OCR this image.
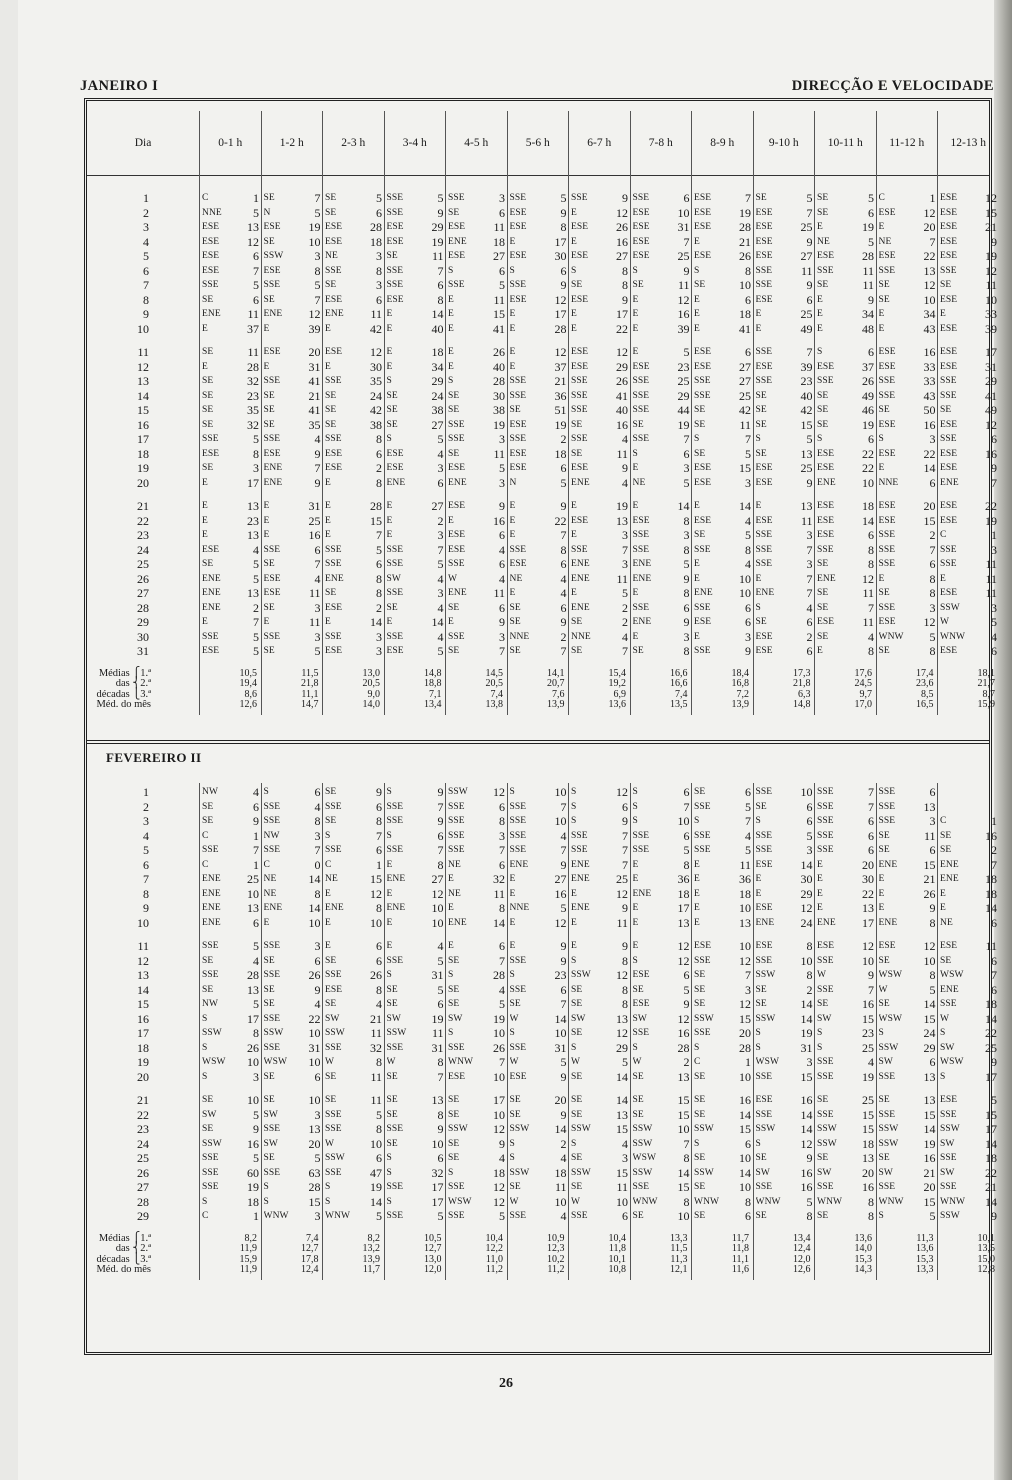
JANEIRO I	DIRECÇÃO E VELOCIDADE
Dia	0-1 h	1-2 h	2-3 h	3-4 h	4-5 h	5-6 h	6-7 h	7-8 h	8-9 h	9-10 h	10-11 h	11-12 h	12-13 h
1	C	1 SE	7 SE	5 SSE	5 SSE	3 SSE	5 SSE	9 SSE	6 ESE	7 SE	5 SE	5 C	1 ESE	12
2	NNE	5 N	5 SE	6 SSE	9 SE	6 ESE	9 E	12 ESE	10 ESE	19 ESE	7 SE	6 ESE	12 ESE	15
3	ESE	13 ESE	19 ESE	28 ESE	29 ESE	11 ESE	8 ESE	26 ESE	31 ESE	28 ESE	25 E	19 E	20 ESE	21
4	ESE	12 SE	10 ESE	18 ESE	19 ENE	18 E	17 E	16 ESE	7 E	21 ESE	9 NE	5 NE	7 ESE	9
5	ESE	6 SSW	3 NE	3 SE	11 ESE	27 ESE	30 ESE	27 ESE	25 ESE	26 ESE	27 ESE	28 ESE	22 ESE	19
6	ESE	7 ESE	8 SSE	8 SSE	7 S	6 S	6 S	8 S	9 S	8 SSE	11 SSE	11 SSE	13 SSE	12
7	SSE	5 SSE	5 SE	3 SSE	6 SSE	5 SSE	9 SE	8 SE	11 SE	10 SSE	9 SE	11 SE	12 SE	11
8	SE	6 SE	7 ESE	6 ESE	8 E	11 ESE	12 ESE	9 E	12 E	6 ESE	6 E	9 SE	10 ESE	10
9	ENE	11 ENE	12 ENE	11 E	14 E	15 E	17 E	17 E	16 E	18 E	25 E	34 E	34 E	33
10	E	37 E	39 E	42 E	40 E	41 E	28 E	22 E	39 E	41 E	49 E	48 E	43 ESE	39
11	SE	11 ESE	20 ESE	12 E	18 E	26 E	12 ESE	12 E	5 ESE	6 SSE	7 S	6 ESE	16 ESE	17
12	E	28 E	31 E	30 E	34 E	40 E	37 ESE	29 ESE	23 ESE	27 ESE	39 ESE	37 ESE	33 ESE	31
13	SE	32 SSE	41 SSE	35 S	29 S	28 SSE	21 SSE	26 SSE	25 SSE	27 SSE	23 SSE	26 SSE	33 SSE	29
14	SE	23 SE	21 SE	24 SE	24 SE	30 SSE	36 SSE	41 SSE	29 SSE	25 SE	40 SE	49 SSE	43 SSE	41
15	SE	35 SE	41 SE	42 SE	38 SE	38 SE	51 SSE	40 SSE	44 SE	42 SE	42 SE	46 SE	50 SE	49
16	SE	32 SE	35 SE	38 SE	27 SSE	19 ESE	19 SE	16 SE	19 SE	11 SE	15 SE	19 ESE	16 ESE	12
17	SSE	5 SSE	4 SSE	8 S	5 SSE	3 SSE	2 SSE	4 SSE	7 S	7 S	5 S	6 S	3 SSE	6
18	ESE	8 ESE	9 ESE	6 ESE	4 SE	11 ESE	18 SE	11 S	6 SE	5 SE	13 ESE	22 ESE	22 ESE	16
19	SE	3 ENE	7 ESE	2 ESE	3 ESE	5 ESE	6 ESE	9 E	3 ESE	15 ESE	25 ESE	22 E	14 ESE	9
20	E	17 ENE	9 E	8 ENE	6 ENE	3 N	5 ENE	4 NE	5 ESE	3 ESE	9 ENE	10 NNE	6 ENE	7
21	E	13 E	31 E	28 E	27 ESE	9 E	9 E	19 E	14 E	14 E	13 ESE	18 ESE	20 ESE	22
22	E	23 E	25 E	15 E	2 E	16 E	22 ESE	13 ESE	8 ESE	4 ESE	11 ESE	14 ESE	15 ESE	19
23	E	13 E	16 E	7 E	3 ESE	6 E	7 E	3 SSE	3 SE	5 SSE	3 ESE	6 SSE	2 C	1
24	ESE	4 SSE	6 SSE	5 SSE	7 ESE	4 SSE	8 SSE	7 SSE	8 SSE	8 SSE	7 SSE	8 SSE	7 SSE	3
25	SE	5 SE	7 SSE	6 SSE	5 SSE	6 ESE	6 ENE	3 ENE	5 E	4 SSE	3 SE	8 SSE	6 SSE	11
26	ENE	5 ESE	4 ENE	8 SW	4 W	4 NE	4 ENE	11 ENE	9 E	10 E	7 ENE	12 E	8 E	11
27	ENE	13 ESE	11 SE	8 SSE	3 ENE	11 E	4 E	5 E	8 ENE	10 ENE	7 SE	11 SE	8 ESE	11
28	ENE	2 SE	3 ESE	2 SE	4 SE	6 SE	6 ENE	2 SSE	6 SSE	6 S	4 SE	7 SSE	3 SSW	3
29	E	7 E	11 E	14 E	14 E	9 SE	9 SE	2 ENE	9 ESE	6 SE	6 ESE	11 ESE	12 W	5
30	SSE	5 SSE	3 SSE	3 SSE	4 SSE	3 NNE	2 NNE	4 E	3 E	3 ESE	2 SE	4 WNW	5 WNW	4
31	ESE	5 SE	5 ESE	3 ESE	5 SE	7 SE	7 SE	7 SE	8 SSE	9 ESE	6 E	8 SE	8 ESE	6
Médias ⎧1.ª	10,5	11,5	13,0	14,8	14,5	14,1	15,4	16,6	18,4	17,3	17,6	17,4	18,1
das ⎨2.ª	19,4	21,8	20,5	18,8	20,5	20,7	19,2	16,6	16,8	21,8	24,5	23,6	21,7
décadas ⎩3.ª	8,6	11,1	9,0	7,1	7,4	7,6	6,9	7,4	7,2	6,3	9,7	8,5	8,7
Méd. do mês	12,6	14,7	14,0	13,4	13,8	13,9	13,6	13,5	13,9	14,8	17,0	16,5	15,9
FEVEREIRO II
1	NW	4 S	6 SE	9 S	9 SSW	12 S	10 S	12 S	6 SE	6 SSE	10 SSE	7 SSE	6
2	SE	6 SSE	4 SSE	6 SSE	7 SSE	6 SSE	7 S	6 S	7 SSE	5 SE	6 SSE	7 SSE	13
3	SE	9 SSE	8 SE	8 SSE	9 SSE	8 SSE	10 S	9 S	10 S	7 S	6 SSE	6 SSE	3 C	1
4	C	1 NW	3 S	7 S	6 SSE	3 SSE	4 SSE	7 SSE	6 SSE	4 SSE	5 SSE	6 SE	11 SE	16
5	SSE	7 SSE	7 SSE	6 SSE	7 SSE	7 SSE	7 SSE	7 SSE	5 SSE	5 SSE	3 SSE	6 SE	6 SE	2
6	C	1 C	0 C	1 E	8 NE	6 ENE	9 ENE	7 E	8 E	11 ESE	14 E	20 ENE	15 ENE	7
7	ENE	25 NE	14 NE	15 ENE	27 E	32 E	27 ENE	25 E	36 E	36 E	30 E	30 E	21 ENE	18
8	ENE	10 NE	8 E	12 E	12 NE	11 E	16 E	12 ENE	18 E	18 E	29 E	22 E	26 E	18
9	ENE	13 ENE	14 ENE	8 ENE	10 E	8 NNE	5 ENE	9 E	17 E	10 ESE	12 E	13 E	9 E	14
10	ENE	6 E	10 E	10 E	10 ENE	14 E	12 E	11 E	13 E	13 ENE	24 ENE	17 ENE	8 NE	6
11	SSE	5 SSE	3 E	6 E	4 E	6 E	9 E	9 E	12 ESE	10 ESE	8 ESE	12 ESE	12 ESE	11
12	SE	4 SE	6 SE	6 SSE	5 SE	7 SSE	9 S	8 S	12 SSE	12 SSE	10 SSE	10 SE	10 SE	6
13	SSE	28 SSE	26 SSE	26 S	31 S	28 S	23 SSW	12 ESE	6 SE	7 SSW	8 W	9 WSW	8 WSW	7
14	SE	13 SE	9 ESE	8 SE	5 SE	4 SSE	6 SE	8 SE	5 SE	3 SE	2 SSE	7 W	5 ENE	6
15	NW	5 SE	4 SE	4 SE	6 SE	5 SE	7 SE	8 ESE	9 SE	12 SE	14 SE	16 SE	14 SSE	18
16	S	17 SSE	22 SW	21 SW	19 SW	19 W	14 SW	13 SW	12 SSW	15 SSW	14 SW	15 WSW	15 W	14
17	SSW	8 SSW	10 SSW	11 SSW	11 S	10 S	10 SE	12 SSE	16 SSE	20 S	19 S	23 S	24 S	22
18	S	26 SSE	31 SSE	32 SSE	31 SSE	26 SSE	31 S	29 S	28 S	28 S	31 S	25 SSW	29 SW	25
19	WSW	10 WSW	10 W	8 W	8 WNW	7 W	5 W	5 W	2 C	1 WSW	3 SSE	4 SW	6 WSW	9
20	S	3 SE	6 SE	11 SE	7 ESE	10 ESE	9 SE	14 SE	13 SE	10 SSE	15 SSE	19 SSE	13 S	17
21	SE	10 SE	10 SE	11 SE	13 SE	17 SE	20 SE	14 SE	15 SE	16 ESE	16 SE	25 SE	13 ESE	5
22	SW	5 SW	3 SSE	5 SE	8 SE	10 SE	9 SE	13 SE	15 SE	14 SSE	14 SSE	15 SSE	15 SSE	15
23	SE	9 SSE	13 SSE	8 SSE	9 SSW	12 SSW	14 SSW	15 SSW	10 SSW	15 SSW	14 SSW	15 SSW	14 SSW	17
24	SSW	16 SW	20 W	10 SE	10 SE	9 S	2 S	4 SSW	7 S	6 S	12 SSW	18 SSW	19 SW	14
25	SSE	5 SE	5 SSW	6 S	6 SE	4 S	4 SE	3 WSW	8 SE	10 SE	9 SE	13 SE	16 SSE	18
26	SSE	60 SSE	63 SSE	47 S	32 S	18 SSW	18 SSW	15 SSW	14 SSW	14 SW	16 SW	20 SW	21 SW	22
27	SSE	19 S	28 S	19 SSE	17 SSE	12 SE	11 SE	11 SSE	15 SE	10 SSE	16 SSE	16 SSE	20 SSE	21
28	S	18 S	15 S	14 S	17 WSW	12 W	10 W	10 WNW	8 WNW	8 WNW	5 WNW	8 WNW	15 WNW	14
29	C	1 WNW	3 WNW	5 SSE	5 SSE	5 SSE	4 SSE	6 SE	10 SE	6 SE	8 SE	8 S	5 SSW	9
Médias ⎧1.ª	8,2	7,4	8,2	10,5	10,4	10,9	10,4	13,3	11,7	13,4	13,6	11,3	10,1
das ⎨2.ª	11,9	12,7	13,2	12,7	12,2	12,3	11,8	11,5	11,8	12,4	14,0	13,6	13,5
décadas ⎩3.ª	15,9	17,8	13,9	13,0	11,0	10,2	10,1	11,3	11,1	12,0	15,3	15,3	15,0
Méd. do mês	11,9	12,4	11,7	12,0	11,2	11,2	10,8	12,1	11,6	12,6	14,3	13,3	12,8
26
